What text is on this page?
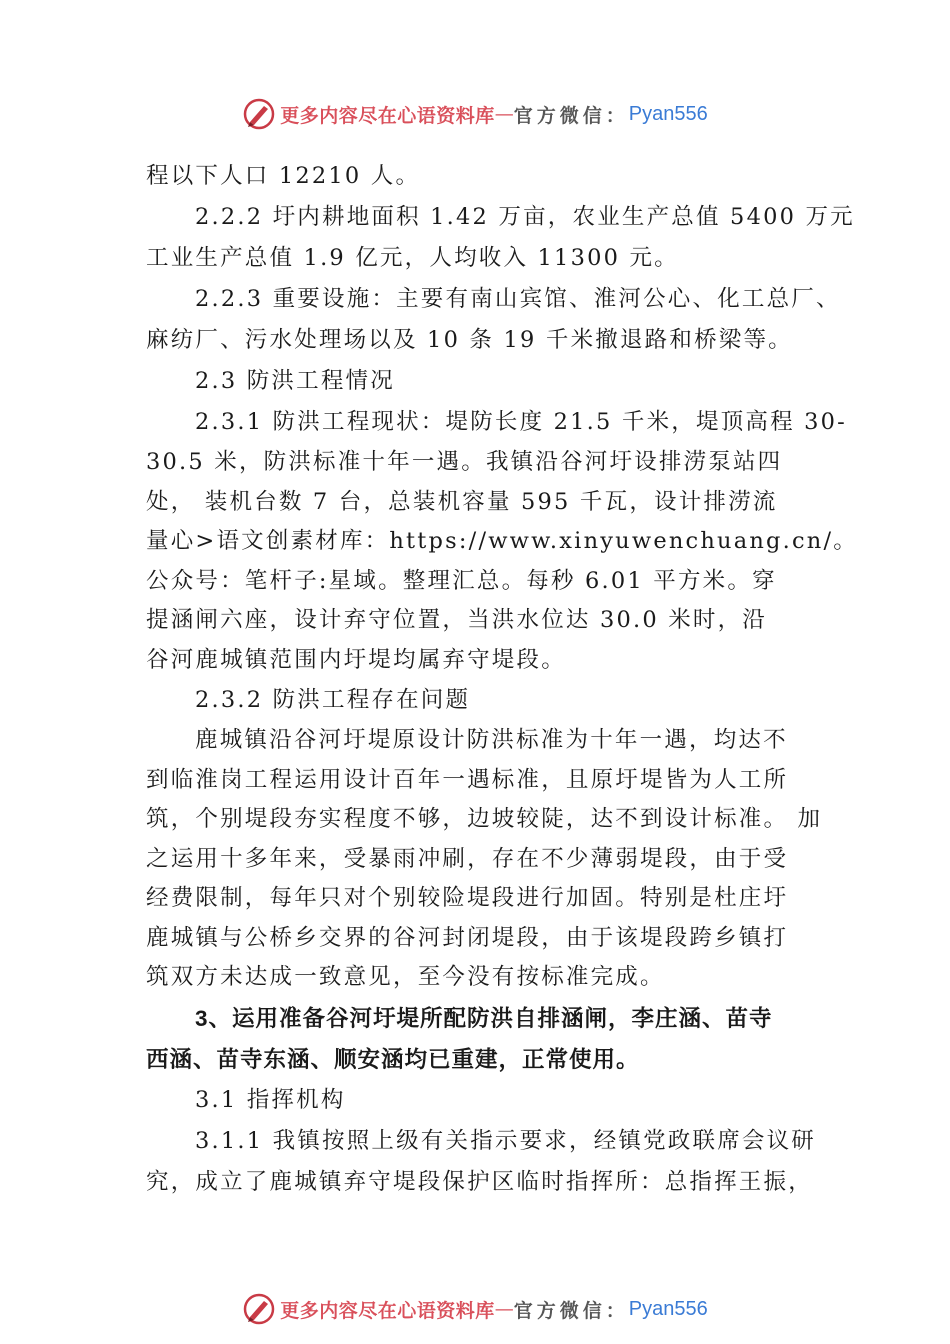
更多内容尽在心语资料库 — 官方微信： Pyan556
程以下人口 12210 人。
2.2.2 圩内耕地面积 1.42 万亩，农业生产总值 5400 万元
工业生产总值 1.9 亿元，人均收入 11300 元。
2.2.3 重要设施：主要有南山宾馆、淮河公心、化工总厂、
麻纺厂、污水处理场以及 10 条 19 千米撤退路和桥梁等。
2.3 防洪工程情况
2.3.1 防洪工程现状：堤防长度 21.5 千米，堤顶高程 30-
30.5 米，防洪标准十年一遇。我镇沿谷河圩设排涝泵站四
处， 装机台数 7 台，总装机容量 595 千瓦，设计排涝流
量心>语文创素材库：https://www.xinyuwenchuang.cn/。
公众号：笔杆子:星域。整理汇总。每秒 6.01 平方米。穿
提涵闸六座，设计弃守位置，当洪水位达 30.0 米时，沿
谷河鹿城镇范围内圩堤均属弃守堤段。
2.3.2 防洪工程存在问题
鹿城镇沿谷河圩堤原设计防洪标准为十年一遇，均达不
到临淮岗工程运用设计百年一遇标准，且原圩堤皆为人工所
筑，个别堤段夯实程度不够，边坡较陡，达不到设计标准。 加
之运用十多年来，受暴雨冲刷，存在不少薄弱堤段，由于受
经费限制，每年只对个别较险堤段进行加固。特别是杜庄圩
鹿城镇与公桥乡交界的谷河封闭堤段，由于该堤段跨乡镇打
筑双方未达成一致意见，至今没有按标准完成。
3、运用准备谷河圩堤所配防洪自排涵闸，李庄涵、苗寺
西涵、苗寺东涵、顺安涵均已重建，正常使用。
3.1 指挥机构
3.1.1 我镇按照上级有关指示要求，经镇党政联席会议研
究，成立了鹿城镇弃守堤段保护区临时指挥所：总指挥王振，
更多内容尽在心语资料库 — 官方微信： Pyan556
